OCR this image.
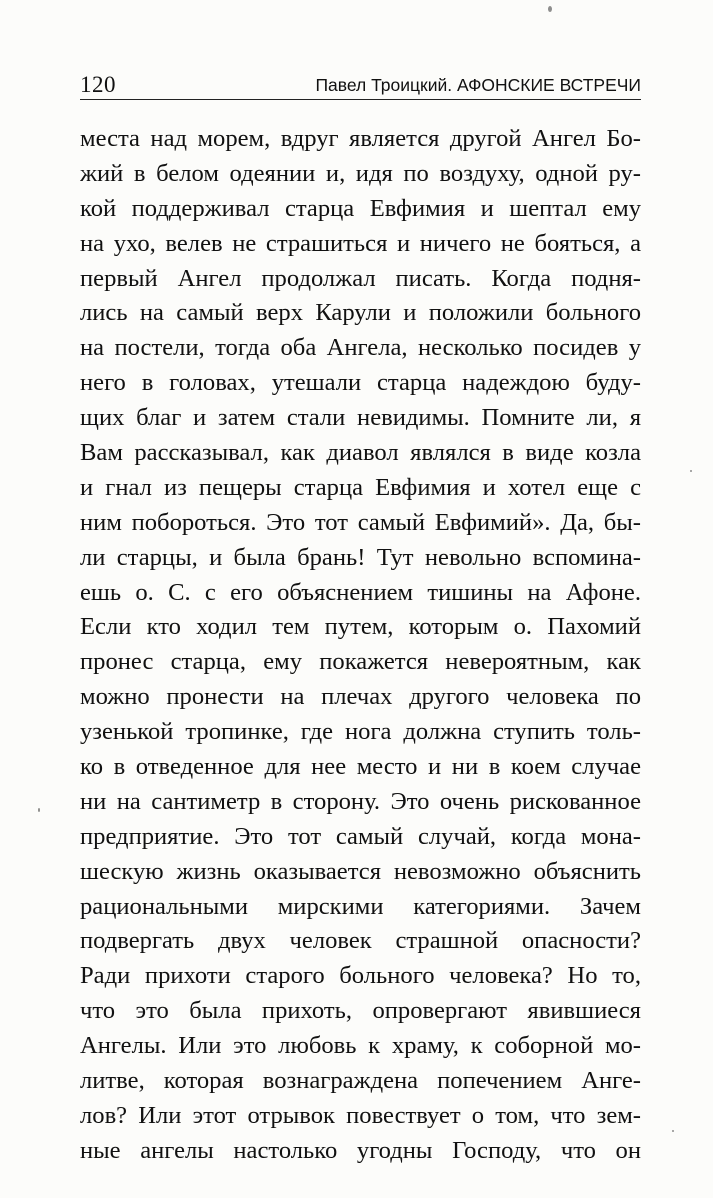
120	Павел Троицкий. АФОНСКИЕ ВСТРЕЧИ
места над морем, вдруг является другой Ангел Бо-
жий в белом одеянии и, идя по воздуху, одной ру-
кой поддерживал старца Евфимия и шептал ему
на ухо, велев не страшиться и ничего не бояться, а
первый Ангел продолжал писать. Когда подня-
лись на самый верх Карули и положили больного
на постели, тогда оба Ангела, несколько посидев у
него в головах, утешали старца надеждою буду-
щих благ и затем стали невидимы. Помните ли, я
Вам рассказывал, как диавол являлся в виде козла
и гнал из пещеры старца Евфимия и хотел еще с
ним побороться. Это тот самый Евфимий». Да, бы-
ли старцы, и была брань! Тут невольно вспомина-
ешь о. С. с его объяснением тишины на Афоне.
Если кто ходил тем путем, которым о. Пахомий
пронес старца, ему покажется невероятным, как
можно пронести на плечах другого человека по
узенькой тропинке, где нога должна ступить толь-
ко в отведенное для нее место и ни в коем случае
ни на сантиметр в сторону. Это очень рискованное
предприятие. Это тот самый случай, когда мона-
шескую жизнь оказывается невозможно объяснить
рациональными мирскими категориями. Зачем
подвергать двух человек страшной опасности?
Ради прихоти старого больного человека? Но то,
что это была прихоть, опровергают явившиеся
Ангелы. Или это любовь к храму, к соборной мо-
литве, которая вознаграждена попечением Анге-
лов? Или этот отрывок повествует о том, что зем-
ные ангелы настолько угодны Господу, что он
